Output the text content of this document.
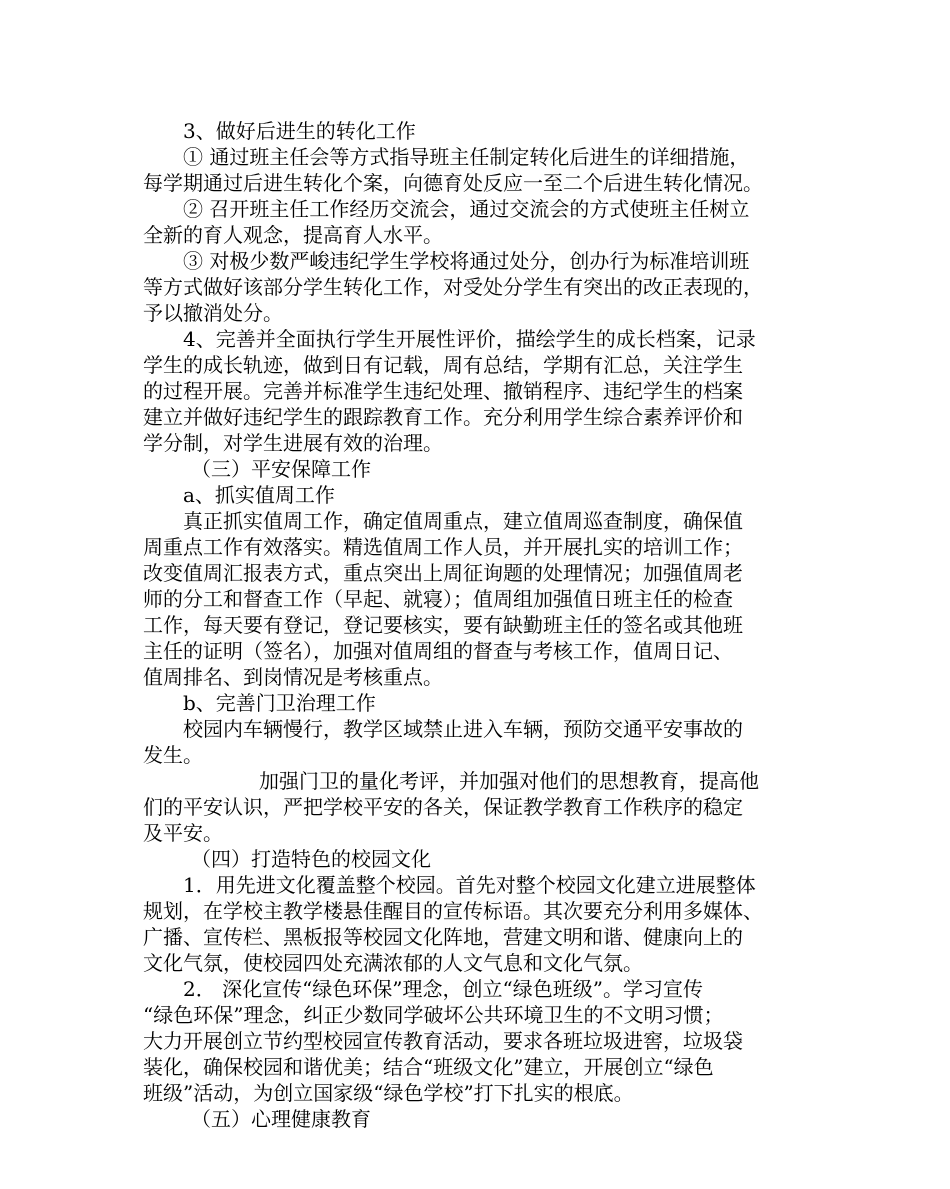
3、做好后进生的转化工作

① 通过班主任会等方式指导班主任制定转化后进生的详细措施，

每学期通过后进生转化个案，向德育处反应一至二个后进生转化情况。

② 召开班主任工作经历交流会，通过交流会的方式使班主任树立

全新的育人观念，提高育人水平。

③ 对极少数严峻违纪学生学校将通过处分，创办行为标准培训班

等方式做好该部分学生转化工作，对受处分学生有突出的改正表现的，

予以撤消处分。

4、完善并全面执行学生开展性评价，描绘学生的成长档案，记录

学生的成长轨迹，做到日有记载，周有总结，学期有汇总，关注学生

的过程开展。完善并标准学生违纪处理、撤销程序、违纪学生的档案

建立并做好违纪学生的跟踪教育工作。充分利用学生综合素养评价和

学分制，对学生进展有效的治理。

（三）平安保障工作

a、抓实值周工作

真正抓实值周工作，确定值周重点，建立值周巡查制度，确保值

周重点工作有效落实。精选值周工作人员，并开展扎实的培训工作；

改变值周汇报表方式，重点突出上周征询题的处理情况；加强值周老

师的分工和督查工作（早起、就寝）；值周组加强值日班主任的检查

工作，每天要有登记，登记要核实，要有缺勤班主任的签名或其他班

主任的证明（签名），加强对值周组的督查与考核工作，值周日记、

值周排名、到岗情况是考核重点。

b、完善门卫治理工作

校园内车辆慢行，教学区域禁止进入车辆，预防交通平安事故的

发生。

加强门卫的量化考评，并加强对他们的思想教育，提高他

们的平安认识，严把学校平安的各关，保证教学教育工作秩序的稳定

及平安。

（四）打造特色的校园文化

1．用先进文化覆盖整个校园。首先对整个校园文化建立进展整体

规划，在学校主教学楼悬佳醒目的宣传标语。其次要充分利用多媒体、

广播、宣传栏、黑板报等校园文化阵地，营建文明和谐、健康向上的

文化气氛，使校园四处充满浓郁的人文气息和文化气氛。

2． 深化宣传“绿色环保”理念，创立“绿色班级”。学习宣传

“绿色环保”理念，纠正少数同学破坏公共环境卫生的不文明习惯；

大力开展创立节约型校园宣传教育活动，要求各班垃圾进窖，垃圾袋

装化，确保校园和谐优美；结合“班级文化”建立，开展创立“绿色

班级”活动，为创立国家级“绿色学校”打下扎实的根底。

（五）心理健康教育
